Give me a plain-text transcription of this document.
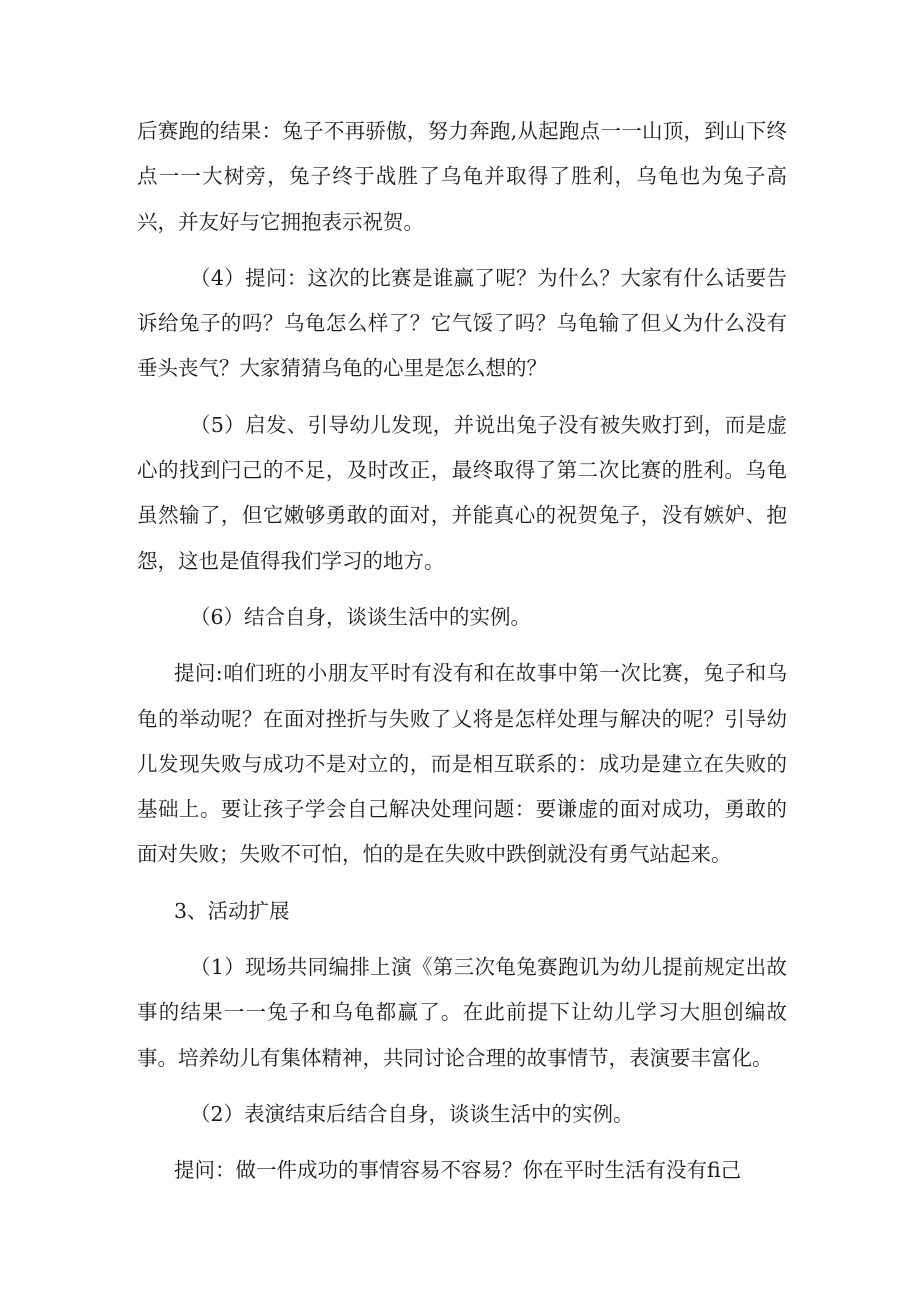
后赛跑的结果：兔子不再骄傲，努力奔跑,从起跑点一一山顶，到山下终点一一大树旁，兔子终于战胜了乌龟并取得了胜利，乌龟也为兔子高兴，并友好与它拥抱表示祝贺。

（4）提问：这次的比赛是谁赢了呢？为什么？大家有什么话要告诉给兔子的吗？乌龟怎么样了？它气馁了吗？乌龟输了但乂为什么没有垂头丧气？大家猜猜乌龟的心里是怎么想的？

（5）启发、引导幼儿发现，并说出兔子没有被失败打到，而是虚心的找到闩己的不足，及时改正，最终取得了第二次比赛的胜利。乌龟虽然输了，但它嫩够勇敢的面对，并能真心的祝贺兔子，没有嫉妒、抱怨，这也是值得我们学习的地方。

（6）结合自身，谈谈生活中的实例。

提问:咱们班的小朋友平时有没有和在故事中第一次比赛，兔子和乌龟的举动呢？在面对挫折与失败了乂将是怎样处理与解决的呢？引导幼儿发现失败与成功不是对立的，而是相互联系的：成功是建立在失败的基础上。要让孩子学会自己解决处理问题：要谦虚的面对成功，勇敢的面对失败；失败不可怕，怕的是在失败中跌倒就没有勇气站起来。

3、活动扩展

（1）现场共同编排上演《第三次龟兔赛跑讥为幼儿提前规定出故事的结果一一兔子和乌龟都赢了。在此前提下让幼儿学习大胆创编故事。培养幼儿有集体精神，共同讨论合理的故事情节，表演要丰富化。

（2）表演结束后结合自身，谈谈生活中的实例。

提问：做一件成功的事情容易不容易？你在平时生活有没有fi己
